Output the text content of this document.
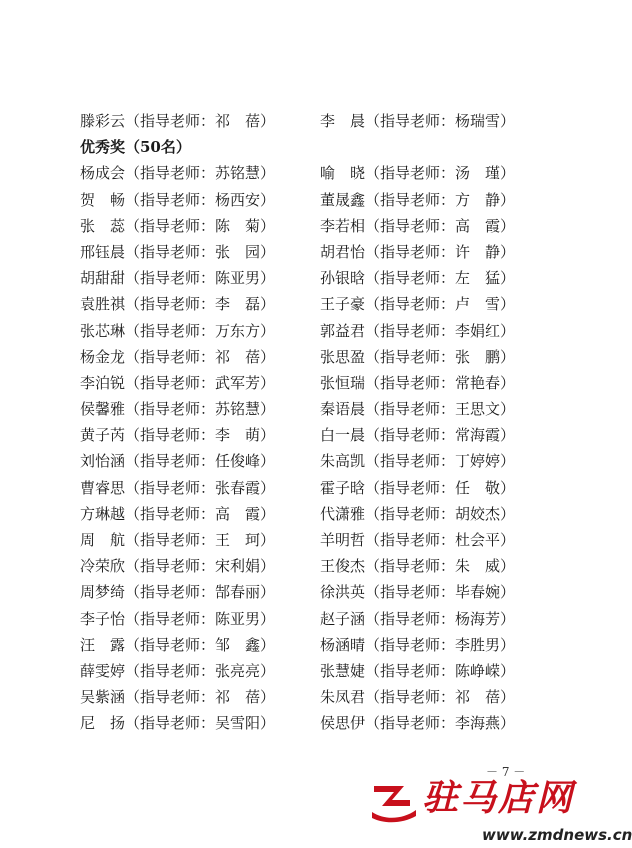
滕彩云（指导老师：祁　蓓）	李　晨（指导老师：杨瑞雪）
优秀奖（50名）
杨成会（指导老师：苏铭慧）	喻　晓（指导老师：汤　瑾）
贺　畅（指导老师：杨西安）	董晟鑫（指导老师：方　静）
张　蕊（指导老师：陈　菊）	李若相（指导老师：高　霞）
邢钰晨（指导老师：张　园）	胡君怡（指导老师：许　静）
胡甜甜（指导老师：陈亚男）	孙银晗（指导老师：左　猛）
袁胜祺（指导老师：李　磊）	王子豪（指导老师：卢　雪）
张芯琳（指导老师：万东方）	郭益君（指导老师：李娟红）
杨金龙（指导老师：祁　蓓）	张思盈（指导老师：张　鹏）
李泊锐（指导老师：武军芳）	张恒瑞（指导老师：常艳春）
侯馨雅（指导老师：苏铭慧）	秦语晨（指导老师：王思文）
黄子芮（指导老师：李　萌）	白一晨（指导老师：常海霞）
刘怡涵（指导老师：任俊峰）	朱高凯（指导老师：丁婷婷）
曹睿思（指导老师：张春霞）	霍子晗（指导老师：任　敬）
方琳越（指导老师：高　霞）	代潇雅（指导老师：胡姣杰）
周　航（指导老师：王　珂）	羊明哲（指导老师：杜会平）
冷荣欣（指导老师：宋利娟）	王俊杰（指导老师：朱　威）
周梦绮（指导老师：郜春丽）	徐洪英（指导老师：毕春婉）
李子怡（指导老师：陈亚男）	赵子涵（指导老师：杨海芳）
汪　露（指导老师：邹　鑫）	杨涵晴（指导老师：李胜男）
薛雯婷（指导老师：张亮亮）	张慧婕（指导老师：陈峥嵘）
吴紫涵（指导老师：祁　蓓）	朱凤君（指导老师：祁　蓓）
尼　扬（指导老师：吴雪阳）	侯思伊（指导老师：李海燕）
－ 7 －
驻马店网
www.zmdnews.cn
